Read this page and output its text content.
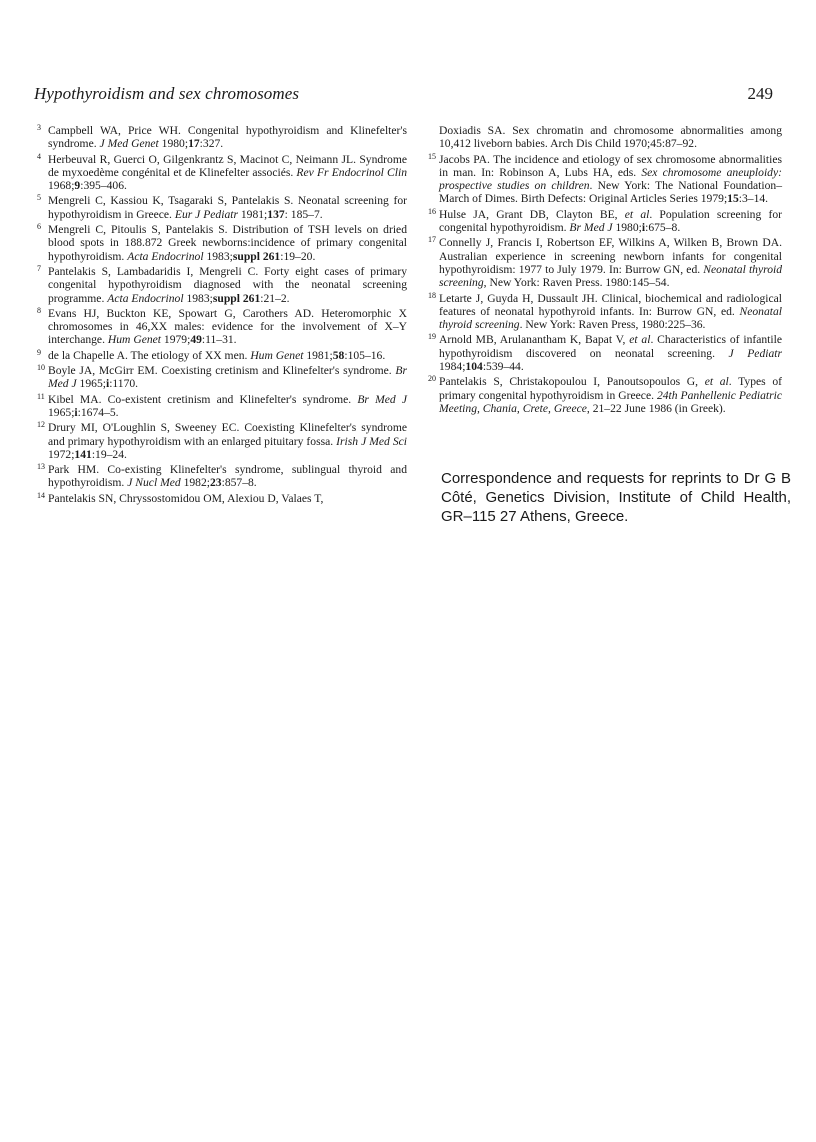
Hypothyroidism and sex chromosomes	249
3 Campbell WA, Price WH. Congenital hypothyroidism and Klinefelter's syndrome. J Med Genet 1980;17:327.
4 Herbeuval R, Guerci O, Gilgenkrantz S, Macinot C, Neimann JL. Syndrome de myxoedème congénital et de Klinefelter associés. Rev Fr Endocrinol Clin 1968;9:395–406.
5 Mengreli C, Kassiou K, Tsagaraki S, Pantelakis S. Neonatal screening for hypothyroidism in Greece. Eur J Pediatr 1981;137: 185–7.
6 Mengreli C, Pitoulis S, Pantelakis S. Distribution of TSH levels on dried blood spots in 188.872 Greek newborns:incidence of primary congenital hypothyroidism. Acta Endocrinol 1983;suppl 261:19–20.
7 Pantelakis S, Lambadaridis I, Mengreli C. Forty eight cases of primary congenital hypothyroidism diagnosed with the neonatal screening programme. Acta Endocrinol 1983;suppl 261:21–2.
8 Evans HJ, Buckton KE, Spowart G, Carothers AD. Heteromorphic X chromosomes in 46,XX males: evidence for the involvement of X–Y interchange. Hum Genet 1979;49:11–31.
9 de la Chapelle A. The etiology of XX men. Hum Genet 1981;58:105–16.
10 Boyle JA, McGirr EM. Coexisting cretinism and Klinefelter's syndrome. Br Med J 1965;i:1170.
11 Kibel MA. Co-existent cretinism and Klinefelter's syndrome. Br Med J 1965;i:1674–5.
12 Drury MI, O'Loughlin S, Sweeney EC. Coexisting Klinefelter's syndrome and primary hypothyroidism with an enlarged pituitary fossa. Irish J Med Sci 1972;141:19–24.
13 Park HM. Co-existing Klinefelter's syndrome, sublingual thyroid and hypothyroidism. J Nucl Med 1982;23:857–8.
14 Pantelakis SN, Chryssostomidou OM, Alexiou D, Valaes T,
Doxiadis SA. Sex chromatin and chromosome abnormalities among 10,412 liveborn babies. Arch Dis Child 1970;45:87–92.
15 Jacobs PA. The incidence and etiology of sex chromosome abnormalities in man. In: Robinson A, Lubs HA, eds. Sex chromosome aneuploidy: prospective studies on children. New York: The National Foundation–March of Dimes. Birth Defects: Original Articles Series 1979;15:3–14.
16 Hulse JA, Grant DB, Clayton BE, et al. Population screening for congenital hypothyroidism. Br Med J 1980;i:675–8.
17 Connelly J, Francis I, Robertson EF, Wilkins A, Wilken B, Brown DA. Australian experience in screening newborn infants for congenital hypothyroidism: 1977 to July 1979. In: Burrow GN, ed. Neonatal thyroid screening, New York: Raven Press. 1980:145–54.
18 Letarte J, Guyda H, Dussault JH. Clinical, biochemical and radiological features of neonatal hypothyroid infants. In: Burrow GN, ed. Neonatal thyroid screening. New York: Raven Press, 1980:225–36.
19 Arnold MB, Arulanantham K, Bapat V, et al. Characteristics of infantile hypothyroidism discovered on neonatal screening. J Pediatr 1984;104:539–44.
20 Pantelakis S, Christakopoulou I, Panoutsopoulos G, et al. Types of primary congenital hypothyroidism in Greece. 24th Panhellenic Pediatric Meeting, Chania, Crete, Greece, 21–22 June 1986 (in Greek).
Correspondence and requests for reprints to Dr G B Côté, Genetics Division, Institute of Child Health, GR–115 27 Athens, Greece.
